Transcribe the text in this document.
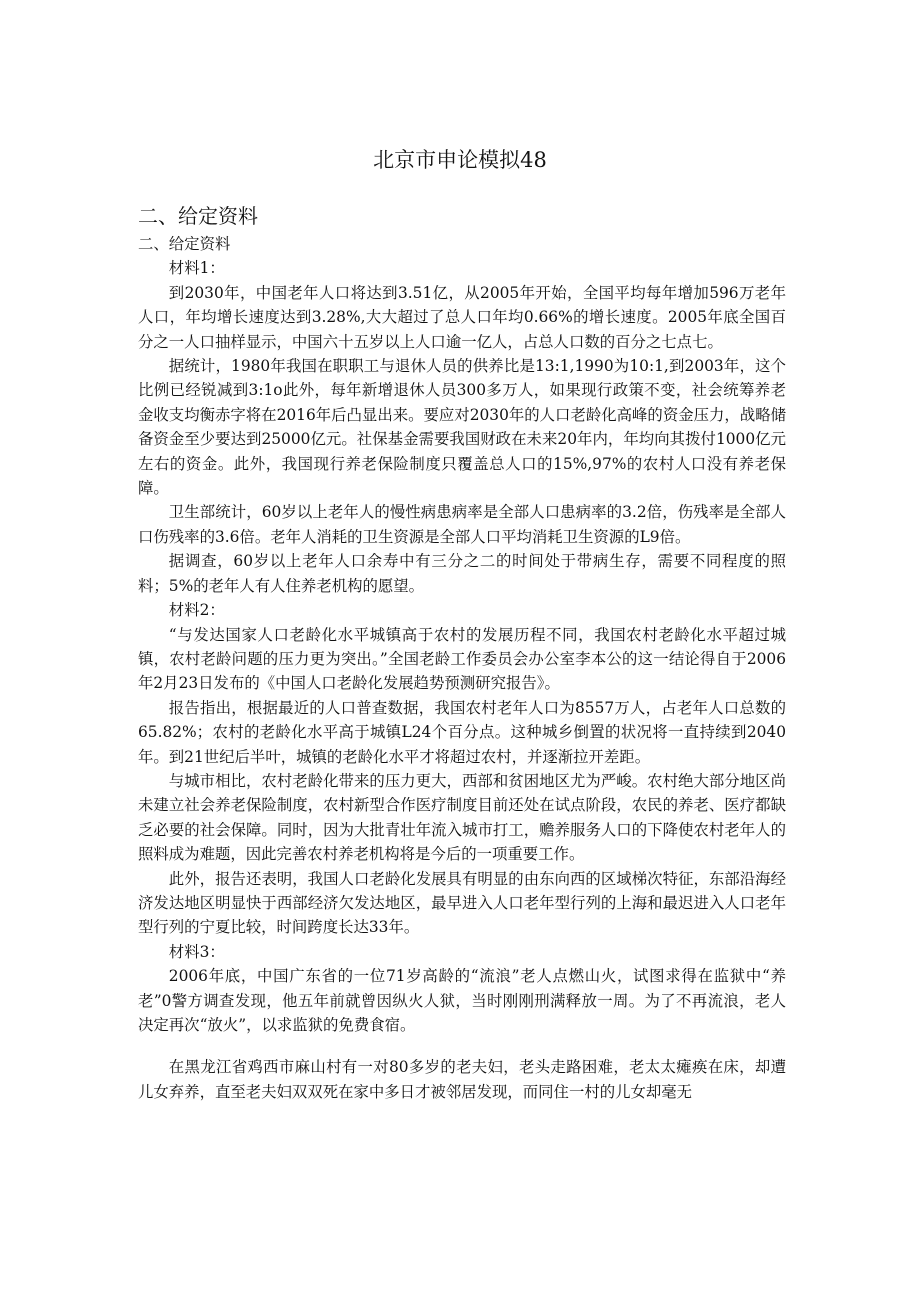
北京市申论模拟48
二、给定资料

二、给定资料

材料1：

到2030年，中国老年人口将达到3.51亿，从2005年开始，全国平均每年增加596万老年人口，年均增长速度达到3.28%,大大超过了总人口年均0.66%的增长速度。2005年底全国百分之一人口抽样显示，中国六十五岁以上人口逾一亿人，占总人口数的百分之七点七。

据统计，1980年我国在职职工与退休人员的供养比是13:1,1990为10:1,到2003年，这个比例已经锐减到3:1o此外，每年新增退休人员300多万人，如果现行政策不变，社会统筹养老金收支均衡赤字将在2016年后凸显出来。要应对2030年的人口老龄化高峰的资金压力，战略储备资金至少要达到25000亿元。社保基金需要我国财政在未来20年内，年均向其拨付1000亿元左右的资金。此外，我国现行养老保险制度只覆盖总人口的15%,97%的农村人口没有养老保障。

卫生部统计，60岁以上老年人的慢性病患病率是全部人口患病率的3.2倍，伤残率是全部人口伤残率的3.6倍。老年人消耗的卫生资源是全部人口平均消耗卫生资源的L9倍。

据调查，60岁以上老年人口余寿中有三分之二的时间处于带病生存，需要不同程度的照料；5%的老年人有人住养老机构的愿望。

材料2：

“与发达国家人口老龄化水平城镇高于农村的发展历程不同，我国农村老龄化水平超过城镇，农村老龄问题的压力更为突出。”全国老龄工作委员会办公室李本公的这一结论得自于2006年2月23日发布的《中国人口老龄化发展趋势预测研究报告》。

报告指出，根据最近的人口普查数据，我国农村老年人口为8557万人，占老年人口总数的65.82%；农村的老龄化水平高于城镇L24个百分点。这种城乡倒置的状况将一直持续到2040年。到21世纪后半叶，城镇的老龄化水平才将超过农村，并逐渐拉开差距。

与城市相比，农村老龄化带来的压力更大，西部和贫困地区尤为严峻。农村绝大部分地区尚未建立社会养老保险制度，农村新型合作医疗制度目前还处在试点阶段，农民的养老、医疗都缺乏必要的社会保障。同时，因为大批青壮年流入城市打工，赡养服务人口的下降使农村老年人的照料成为难题，因此完善农村养老机构将是今后的一项重要工作。

此外，报告还表明，我国人口老龄化发展具有明显的由东向西的区域梯次特征，东部沿海经济发达地区明显快于西部经济欠发达地区，最早进入人口老年型行列的上海和最迟进入人口老年型行列的宁夏比较，时间跨度长达33年。

材料3：

2006年底，中国广东省的一位71岁高龄的“流浪”老人点燃山火，试图求得在监狱中“养老”0警方调查发现，他五年前就曾因纵火人狱，当时刚刚刑满释放一周。为了不再流浪，老人决定再次“放火”，以求监狱的免费食宿。

在黑龙江省鸡西市麻山村有一对80多岁的老夫妇，老头走路困难，老太太瘫痪在床，却遭儿女弃养，直至老夫妇双双死在家中多日才被邻居发现，而同住一村的儿女却毫无
